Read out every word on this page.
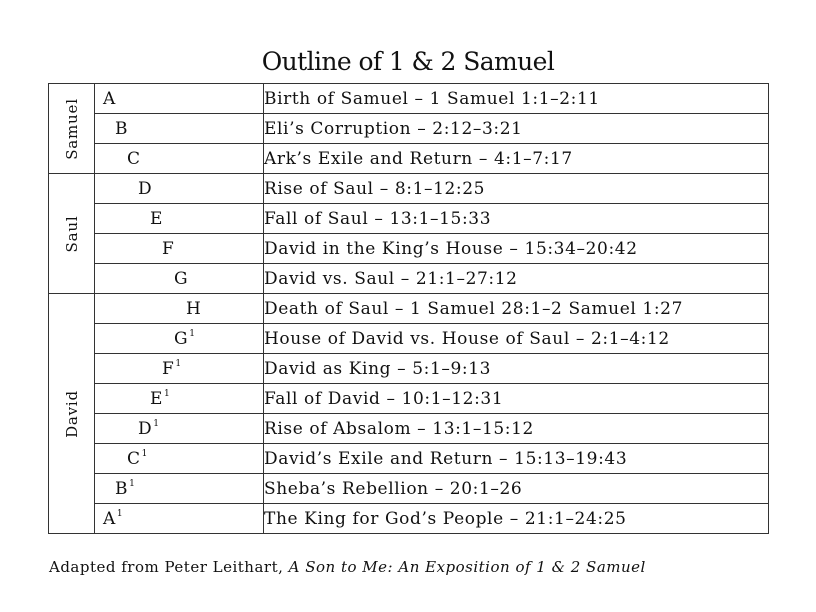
Outline of 1 & 2 Samuel
Samuel	A	Birth of Samuel – 1 Samuel 1:1–2:11

	B	Eli’s Corruption – 2:12–3:21

	C	Ark’s Exile and Return – 4:1–7:17

Saul	D	Rise of Saul – 8:1–12:25

	E	Fall of Saul – 13:1–15:33

	F	David in the King’s House – 15:34–20:42

	G	David vs. Saul – 21:1–27:12

David	H	Death of Saul – 1 Samuel 28:1–2 Samuel 1:27

	$G^1$	House of David vs. House of Saul – 2:1–4:12

	$F^1$	David as King – 5:1–9:13

	$E^1$	Fall of David – 10:1–12:31

	$D^1$	Rise of Absalom – 13:1–15:12

	$C^1$	David’s Exile and Return – 15:13–19:43

	$B^1$	Sheba’s Rebellion – 20:1–26

	$A^1$	The King for God’s People – 21:1–24:25
Adapted from Peter Leithart, A Son to Me: An Exposition of 1 & 2 Samuel
